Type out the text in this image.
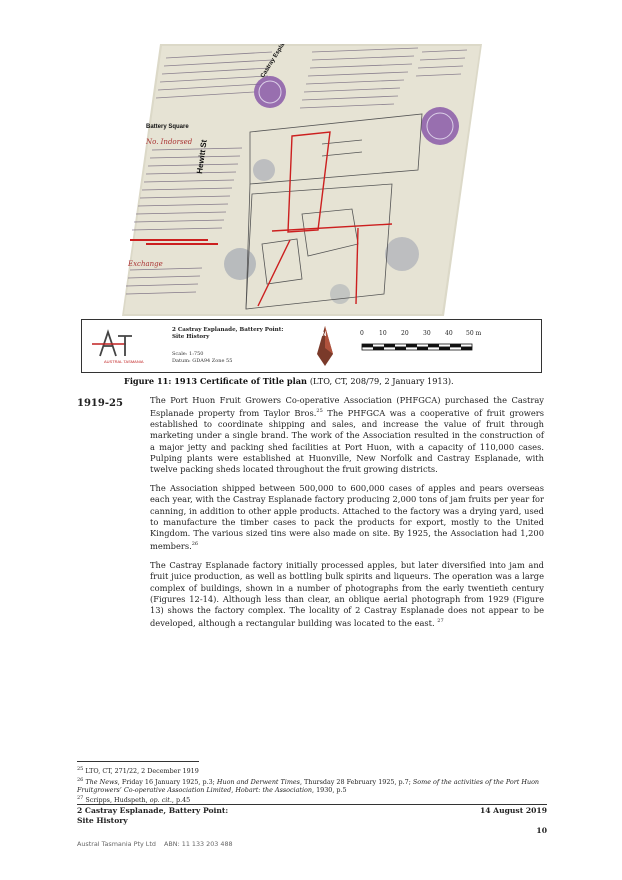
No. Indorsed
Exchange
Hewitt St
Battery Square
AUSTRAL TASMANIA
2 Castray Esplanade, Battery Point:
Site History
Scale: 1:750
Datum: GDA94 Zone 55
N	0	10 20 30 40 50 m
Figure 11: 1913 Certificate of Title plan (LTO, CT, 208/79, 2 January 1913).
1919-25	The Port Huon Fruit Growers Co-operative Association (PHFGCA) purchased the Castray Esplanade property from Taylor Bros.$^{25}$ The PHFGCA was a cooperative of fruit growers established to coordinate shipping and sales, and increase the value of fruit through marketing under a single brand. The work of the Association resulted in the construction of a major jetty and packing shed facilities at Port Huon, with a capacity of 110,000 cases. Pulping plants were established at Huonville, New Norfolk and Castray Esplanade, with twelve packing sheds located throughout the fruit growing districts.

The Association shipped between 500,000 to 600,000 cases of apples and pears overseas each year, with the Castray Esplanade factory producing 2,000 tons of jam fruits per year for canning, in addition to other apple products. Attached to the factory was a drying yard, used to manufacture the timber cases to pack the products for export, mostly to the United Kingdom. The various sized tins were also made on site. By 1925, the Association had 1,200 members.$^{26}$

The Castray Esplanade factory initially processed apples, but later diversified into jam and fruit juice production, as well as bottling bulk spirits and liqueurs. The operation was a large complex of buildings, shown in a number of photographs from the early twentieth century (Figures 12-14). Although less than clear, an oblique aerial photograph from 1929 (Figure 13) shows the factory complex. The locality of 2 Castray Esplanade does not appear to be developed, although a rectangular building was located to the east. $^{27}$

$^{25}$ LTO, CT, 271/22, 2 December 1919
$^{26}$ The News, Friday 16 January 1925, p.3; Huon and Derwent Times, Thursday 28 February 1925, p.7; Some of the activities of the Port Huon Fruitgrowers’ Co-operative Association Limited, Hobart: the Association, 1930, p.5
$^{27}$ Scripps, Hudspeth, op. cit., p.45
2 Castray Esplanade, Battery Point:
Site History
14 August 2019
10
Austral Tasmania Pty Ltd    ABN: 11 133 203 488
